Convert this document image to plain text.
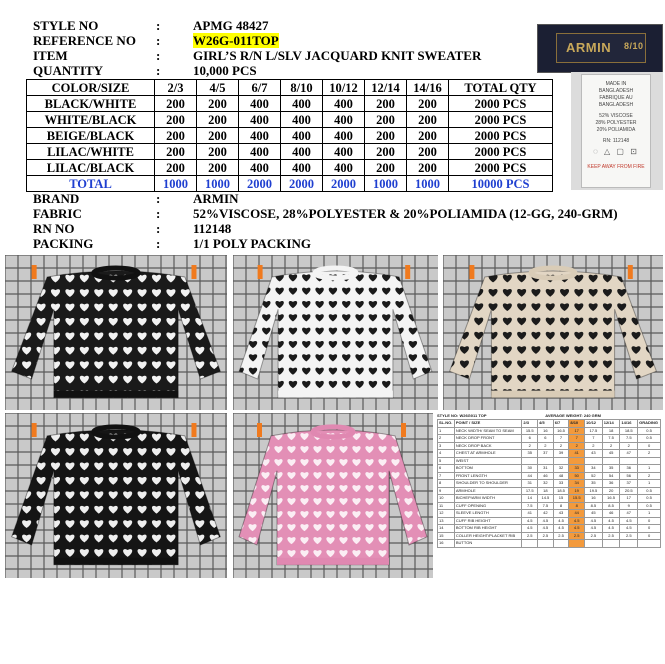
STYLE NO	:	APMG 48427
REFERENCE NO :	W26G-011TOP
ITEM	:	GIRL’S R/N L/SLV JACQUARD KNIT SWEATER
QUANTITY	:	10,000 PCS
COLOR/SIZE	2/3	4/5	6/7	8/10	10/12	12/14	14/16	TOTAL QTY
BLACK/WHITE	200	200	400	400	400	200	200	2000 PCS
WHITE/BLACK	200	200	400	400	400	200	200	2000 PCS
BEIGE/BLACK	200	200	400	400	400	200	200	2000 PCS
LILAC/WHITE	200	200	400	400	400	200	200	2000 PCS
LILAC/BLACK	200	200	400	400	400	200	200	2000 PCS
TOTAL	1000	1000	2000	2000	2000	1000	1000	10000 PCS
BRAND	:	ARMIN
FABRIC	:	52%VISCOSE, 28%POLYESTER & 20%POLIAMIDA (12-GG, 240-GRM)
RN NO	:	112148
PACKING	:	1/1 POLY PACKING
ARMIN 8/10
MADE IN
BANGLADESH
FABRIQUE AU
BANGLADESH
52% VISCOSE
28% POLYESTER
20% POLIAMIDA
RN: 112148
◌ △ ▢ ⊡
KEEP AWAY FROM FIRE
STYLE NO: W26G011 TOP	AVERAGE WEIGHT: 240 GRM
SL.NO.	POINT / SIZE	2/3	4/5	6/7	8/10	10/12	12/14	14/16	GRADING
1	NECK WIDTH/ SEAM TO SEAM	15.5	16	16.5	17	17.5	18	18.5	0.5
2	NECK DROP FRONT	6	6	7	7	7	7.5	7.5	0.5
3	NECK DROP BACK	2	2	2	2	2	2	2	0
4	CHEST AT ARMHOLE	35	37	39	41	43	45	47	2
5	WEIST								
6	BOTTOM	30	31	32	33	34	35	36	1
7	FRONT LENGTH	44	46	48	50	52	54	56	2
8	SHOULDER TO SHOULDER	31	32	33	34	35	36	37	1
9	ARMHOLE	17.5	18	18.5	19	19.5	20	20.5	0.5
10	BICHEP/ARM WIDTH	14	14.5	15	15.5	16	16.5	17	0.5
11	CUFF OPENING	7.5	7.5	8	8	8.5	8.5	9	0.5
12	SLEEVE LENGTH	41	42	43	44	45	46	47	1
13	CUFF RIB HEIGHT	4.5	4.5	4.5	4.5	4.5	4.5	4.5	0
14	BOTTOM RIB HEIGHT	4.5	4.5	4.5	4.5	4.5	4.5	4.5	0
15	COLLER HEIGHT/PLACKET RIB	2.5	2.5	2.5	2.5	2.5	2.5	2.5	0
16	BUTTON								
